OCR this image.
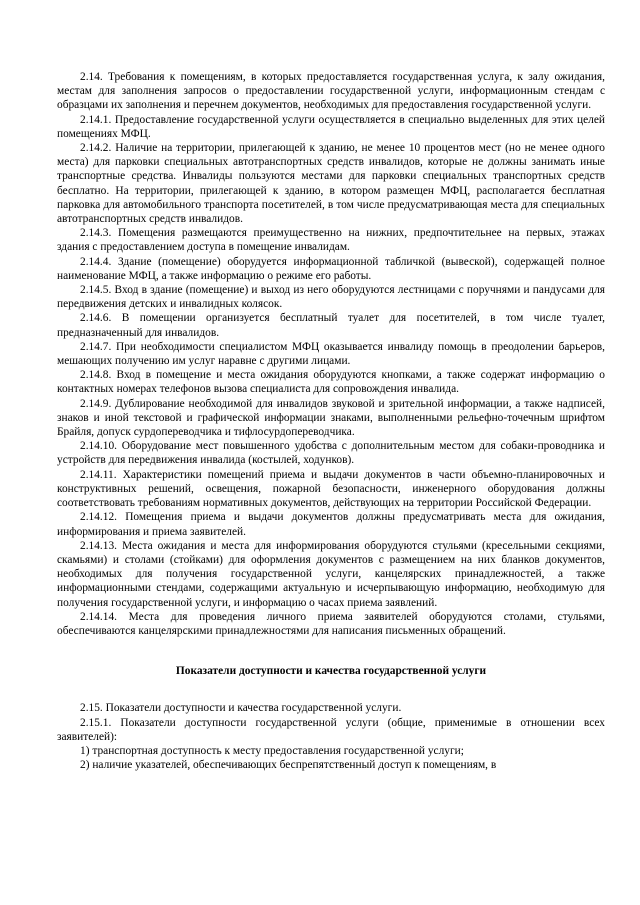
2.14. Требования к помещениям, в которых предоставляется государственная услуга, к залу ожидания, местам для заполнения запросов о предоставлении государственной услуги, информационным стендам с образцами их заполнения и перечнем документов, необходимых для предоставления государственной услуги.

2.14.1. Предоставление государственной услуги осуществляется в специально выделенных для этих целей помещениях МФЦ.

2.14.2. Наличие на территории, прилегающей к зданию, не менее 10 процентов мест (но не менее одного места) для парковки специальных автотранспортных средств инвалидов, которые не должны занимать иные транспортные средства. Инвалиды пользуются местами для парковки специальных транспортных средств бесплатно. На территории, прилегающей к зданию, в котором размещен МФЦ, располагается бесплатная парковка для автомобильного транспорта посетителей, в том числе предусматривающая места для специальных автотранспортных средств инвалидов.

2.14.3. Помещения размещаются преимущественно на нижних, предпочтительнее на первых, этажах здания с предоставлением доступа в помещение инвалидам.

2.14.4. Здание (помещение) оборудуется информационной табличкой (вывеской), содержащей полное наименование МФЦ, а также информацию о режиме его работы.

2.14.5. Вход в здание (помещение) и выход из него оборудуются лестницами с поручнями и пандусами для передвижения детских и инвалидных колясок.

2.14.6. В помещении организуется бесплатный туалет для посетителей, в том числе туалет, предназначенный для инвалидов.

2.14.7. При необходимости специалистом МФЦ оказывается инвалиду помощь в преодолении барьеров, мешающих получению им услуг наравне с другими лицами.

2.14.8. Вход в помещение и места ожидания оборудуются кнопками, а также содержат информацию о контактных номерах телефонов вызова специалиста для сопровождения инвалида.

2.14.9. Дублирование необходимой для инвалидов звуковой и зрительной информации, а также надписей, знаков и иной текстовой и графической информации знаками, выполненными рельефно-точечным шрифтом Брайля, допуск сурдопереводчика и тифлосурдопереводчика.

2.14.10. Оборудование мест повышенного удобства с дополнительным местом для собаки-проводника и устройств для передвижения инвалида (костылей, ходунков).

2.14.11. Характеристики помещений приема и выдачи документов в части объемно-планировочных и конструктивных решений, освещения, пожарной безопасности, инженерного оборудования должны соответствовать требованиям нормативных документов, действующих на территории Российской Федерации.

2.14.12. Помещения приема и выдачи документов должны предусматривать места для ожидания, информирования и приема заявителей.

2.14.13. Места ожидания и места для информирования оборудуются стульями (кресельными секциями, скамьями) и столами (стойками) для оформления документов с размещением на них бланков документов, необходимых для получения государственной услуги, канцелярских принадлежностей, а также информационными стендами, содержащими актуальную и исчерпывающую информацию, необходимую для получения государственной услуги, и информацию о часах приема заявлений.

2.14.14. Места для проведения личного приема заявителей оборудуются столами, стульями, обеспечиваются канцелярскими принадлежностями для написания письменных обращений.

Показатели доступности и качества государственной услуги

2.15. Показатели доступности и качества государственной услуги.

2.15.1. Показатели доступности государственной услуги (общие, применимые в отношении всех заявителей):

1) транспортная доступность к месту предоставления государственной услуги;

2) наличие указателей, обеспечивающих беспрепятственный доступ к помещениям, в
